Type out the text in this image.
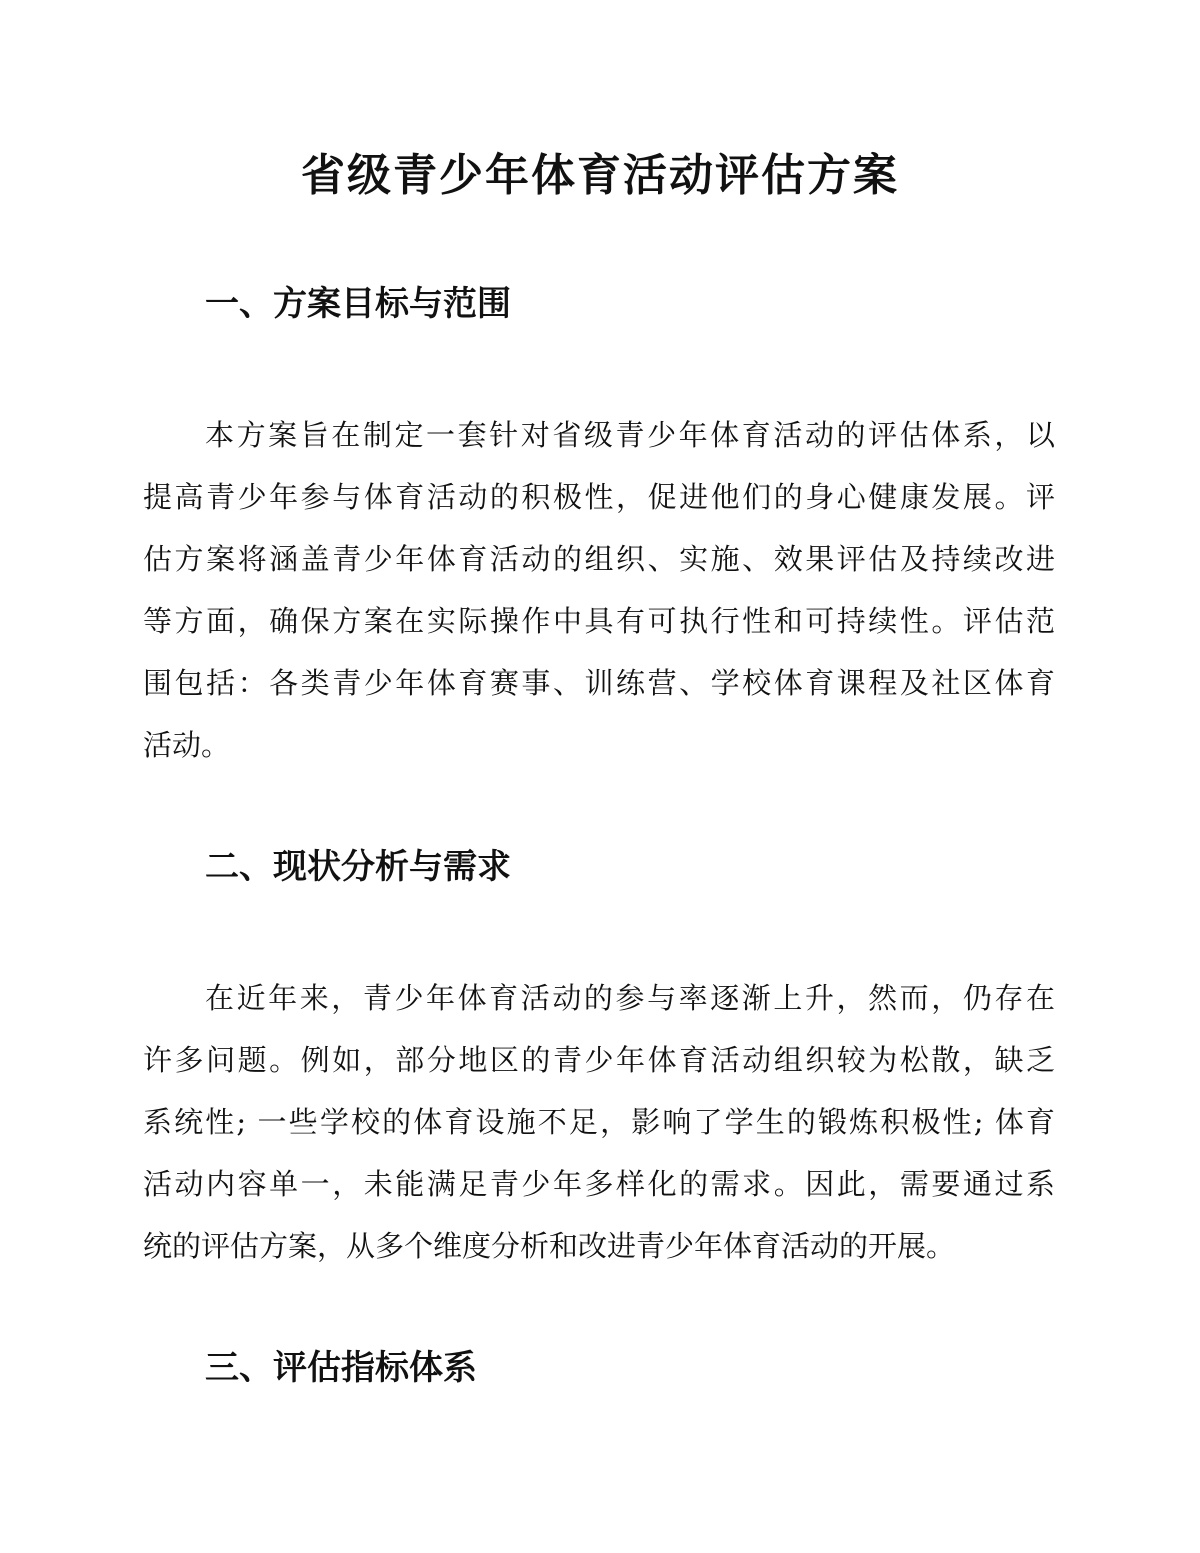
省级青少年体育活动评估方案
一、方案目标与范围
本方案旨在制定一套针对省级青少年体育活动的评估体系，以
提高青少年参与体育活动的积极性，促进他们的身心健康发展。评
估方案将涵盖青少年体育活动的组织、实施、效果评估及持续改进
等方面，确保方案在实际操作中具有可执行性和可持续性。评估范
围包括：各类青少年体育赛事、训练营、学校体育课程及社区体育
活动。
二、现状分析与需求
在近年来，青少年体育活动的参与率逐渐上升，然而，仍存在
许多问题。例如，部分地区的青少年体育活动组织较为松散，缺乏
系统性; 一些学校的体育设施不足，影响了学生的锻炼积极性; 体育
活动内容单一，未能满足青少年多样化的需求。因此，需要通过系
统的评估方案，从多个维度分析和改进青少年体育活动的开展。
三、评估指标体系
